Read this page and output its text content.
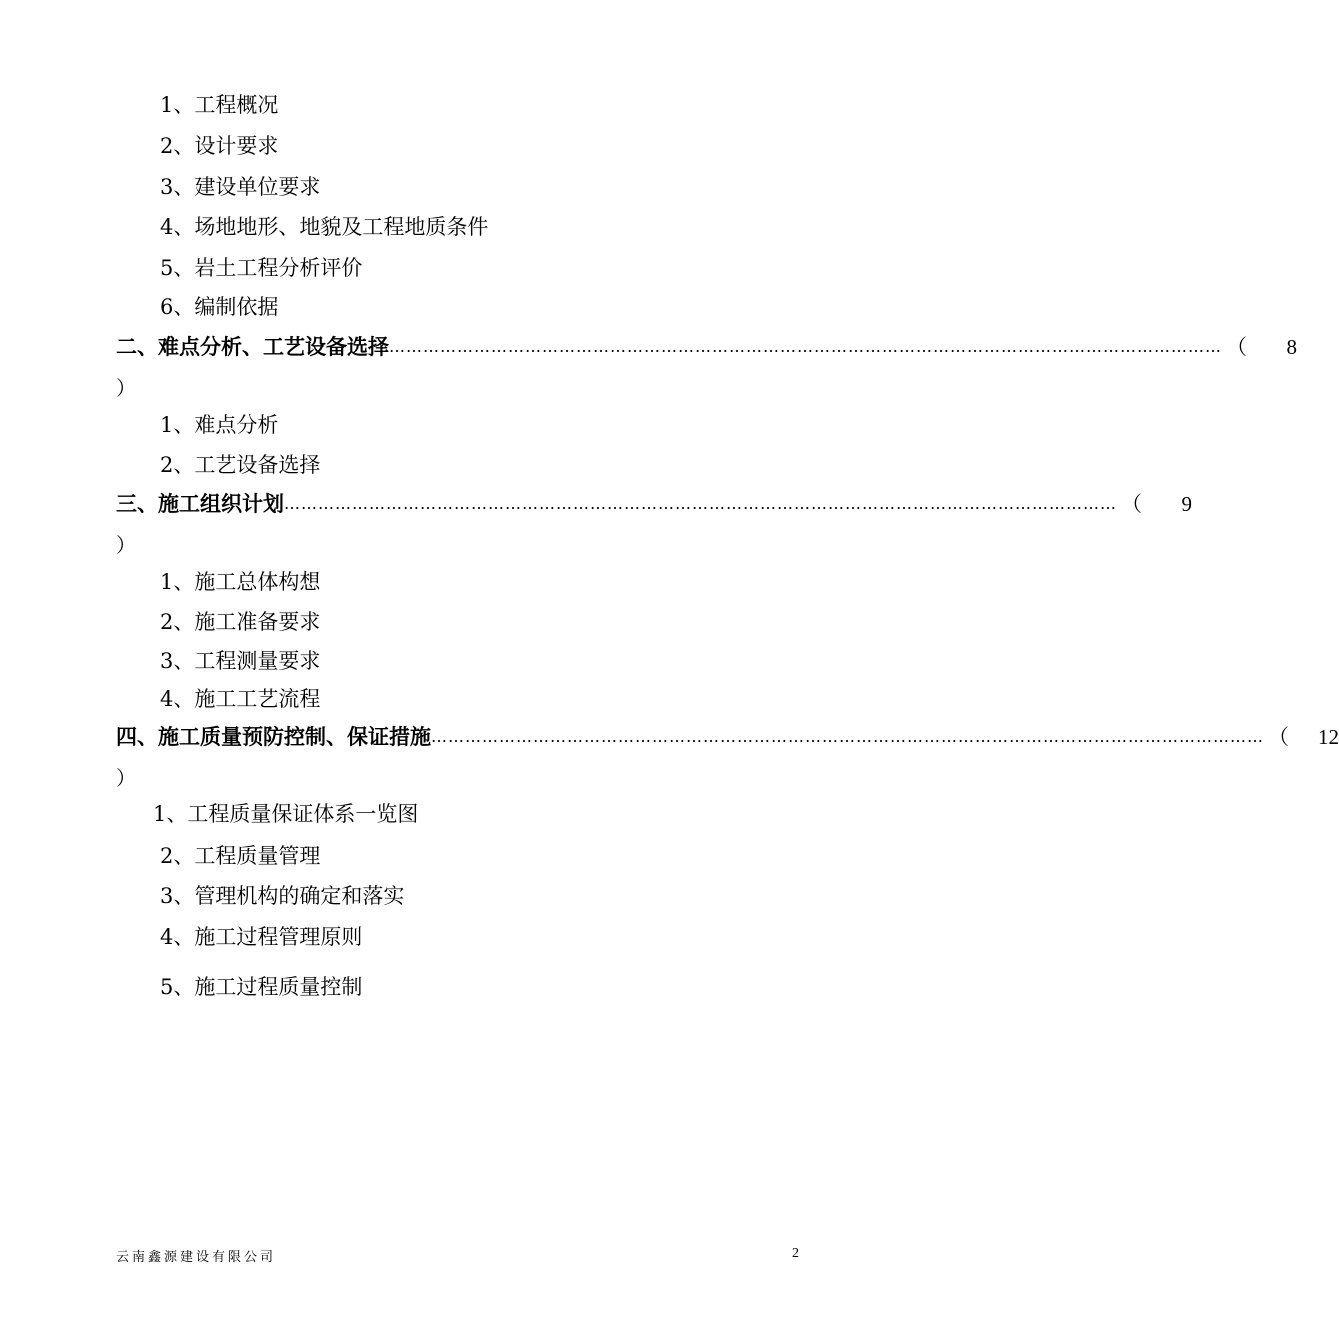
1、工程概况
2、设计要求
3、建设单位要求
4、场地地形、地貌及工程地质条件
5、岩土工程分析评价
6、编制依据
二、难点分析、工艺设备选择 ………………………………………………………………………………………………………………………………… （	8
）
1、难点分析
2、工艺设备选择
三、施工组织计划 ………………………………………………………………………………………………………………………………… （	9
）
1、施工总体构想
2、施工准备要求
3、工程测量要求
4、施工工艺流程
四、施工质量预防控制、保证措施 ………………………………………………………………………………………………………………………………… （	12
）
1、工程质量保证体系一览图
2、工程质量管理
3、管理机构的确定和落实
4、施工过程管理原则
5、施工过程质量控制
云南鑫源建设有限公司	2
